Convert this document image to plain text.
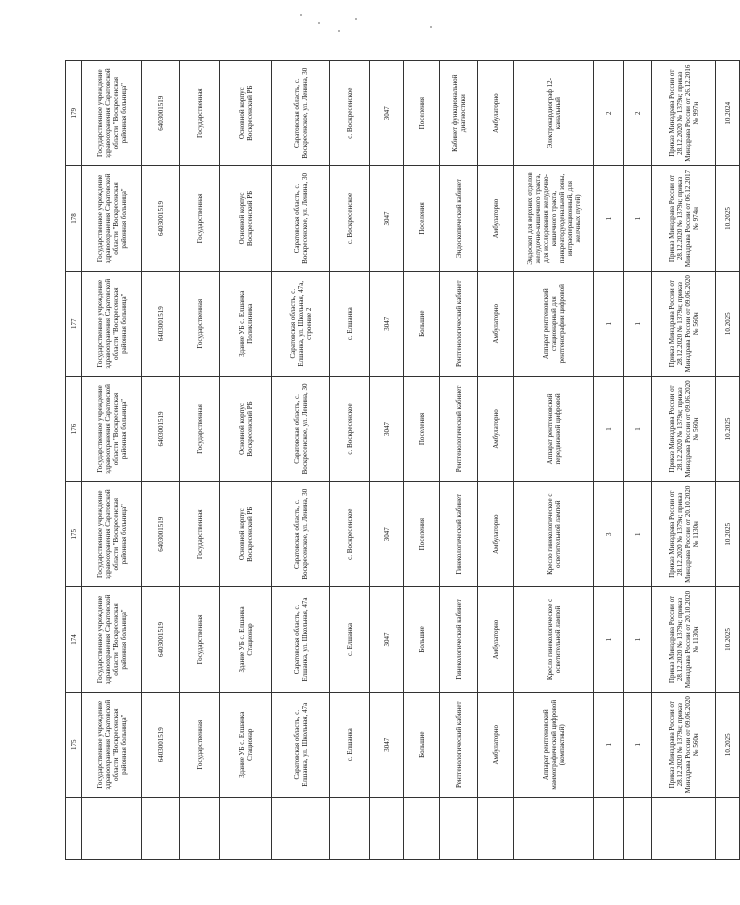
	175	174	175	176	177	178	179
	Государственное учреждение здравоохранения Саратовской области "Воскресенская районная больница"	Государственное учреждение здравоохранения Саратовской области "Воскресенская районная больница"	Государственное учреждение здравоохранения Саратовской области "Воскресенская районная больница"	Государственное учреждение здравоохранения Саратовской области "Воскресенская районная больница"	Государственное учреждение здравоохранения Саратовской области "Воскресенская районная больница"	Государственное учреждение здравоохранения Саратовской области "Воскресенская районная больница"	Государственное учреждение здравоохранения Саратовской области "Воскресенская районная больница"
	6403001519	6403001519	6403001519	6403001519	6403001519	6403001519	6403001519
	Государственная	Государственная	Государственная	Государственная	Государственная	Государственная	Государственная
	Здание УБ с. Елшанка Стационар	Здание УБ с. Елшанка Стационар	Основной корпус Воскресенский РБ	Основной корпус Воскресенский РБ	Здание УБ с. Елшанка Поликлиника	Основной корпус Воскресенский РБ	Основной корпус Воскресенский РБ
	Саратовская область, с. Елшанка, ул. Школьная, 47а	Саратовская область, с. Елшанка, ул. Школьная, 47а	Саратовская область, с. Воскресенское, ул. Ленина, 30	Саратовская область, с. Воскресенское, ул. Ленина, 30	Саратовская область, с. Елшанка, ул. Школьная, 47а, строение 2	Саратовская область, с. Воскресенское, ул. Ленина, 30	Саратовская область, с. Воскресенское, ул. Ленина, 30
	с. Елшанка	с. Елшанка	с. Воскресенское	с. Воскресенское	с. Елшанка	с. Воскресенское	с. Воскресенское
	3047	3047	3047	3047	3047	3047	3047
	Большие	Большие	Поселения	Поселения	Большие	Поселения	Поселения
	Рентгенологический кабинет	Гинекологический кабинет	Гинекологический кабинет	Рентгенологический кабинет	Рентгенологический кабинет	Эндоскопический кабинет	Кабинет функциональной диагностики
	Амбулаторно	Амбулаторно	Амбулаторно	Амбулаторно	Амбулаторно	Амбулаторно	Амбулаторно
	Аппарат рентгеновский маммографический цифровой (компактный)	Кресло гинекологическое с осветительной лампой	Кресло гинекологическое с осветительной лампой	Аппарат рентгеновский передвижной цифровой	Аппарат рентгеновский стационарный для рентгенографии цифровой	Эндоскоп для верхних отделов желудочно-кишечного тракта, для исследования желудочно-кишечного тракта, панкреатодуоденальной зоны, интраоперационный, для желчных путей)	Электрокардиограф 12-канальный
	1	1	3	1	1	1	2
	1	1	1	1	1	1	2
	Приказ Минздрава России от 28.12.2020 № 1379н; приказ Минздрава России от 09.06.2020 № 560н	Приказ Минздрава России от 28.12.2020 № 1379н; приказ Минздрава России от 20.10.2020 № 1130н	Приказ Минздрава России от 28.12.2020 № 1379н; приказ Минздрава России от 20.10.2020 № 1130н	Приказ Минздрава России от 28.12.2020 № 1379н; приказ Минздрава России от 09.06.2020 № 560н	Приказ Минздрава России от 28.12.2020 № 1379н; приказ Минздрава России от 09.06.2020 № 560н	Приказ Минздрава России от 28.12.2020 № 1379н; приказ Минздрава России от 06.12.2017 № 974н	Приказ Минздрава России от 28.12.2020 № 1379н; приказ Минздрава России от 26.12.2016 № 997н
	10.2025	10.2025	10.2025	10.2025	10.2025	10.2025	10.2024
